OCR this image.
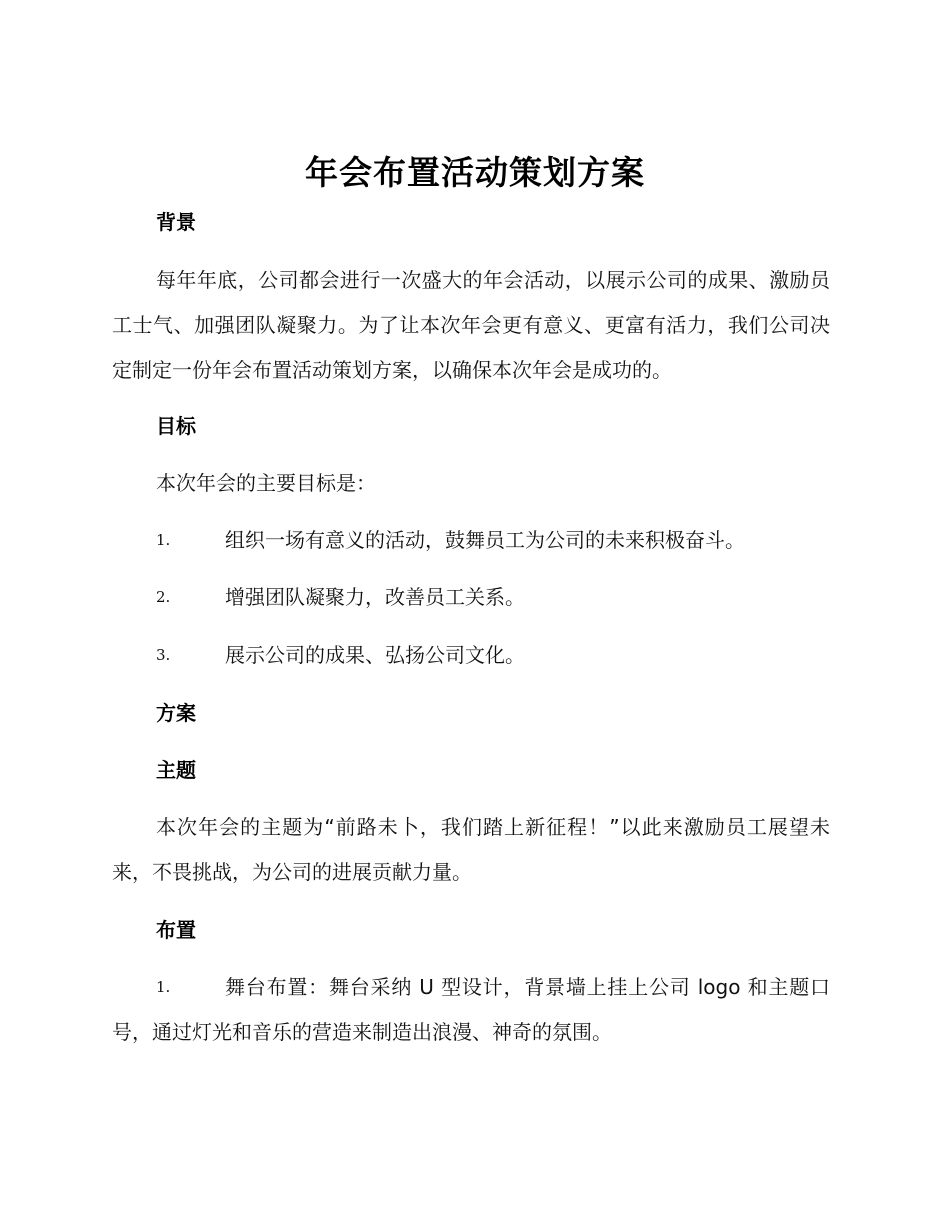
年会布置活动策划方案
背景
每年年底，公司都会进行一次盛大的年会活动，以展示公司的成果、激励员工士气、加强团队凝聚力。为了让本次年会更有意义、更富有活力，我们公司决定制定一份年会布置活动策划方案，以确保本次年会是成功的。
目标
本次年会的主要目标是：
1.	组织一场有意义的活动，鼓舞员工为公司的未来积极奋斗。
2.	增强团队凝聚力，改善员工关系。
3.	展示公司的成果、弘扬公司文化。
方案
主题
本次年会的主题为“前路未卜，我们踏上新征程！”以此来激励员工展望未来，不畏挑战，为公司的进展贡献力量。
布置
1.	舞台布置：舞台采纳 U 型设计，背景墙上挂上公司 logo 和主题口号，通过灯光和音乐的营造来制造出浪漫、神奇的氛围。
